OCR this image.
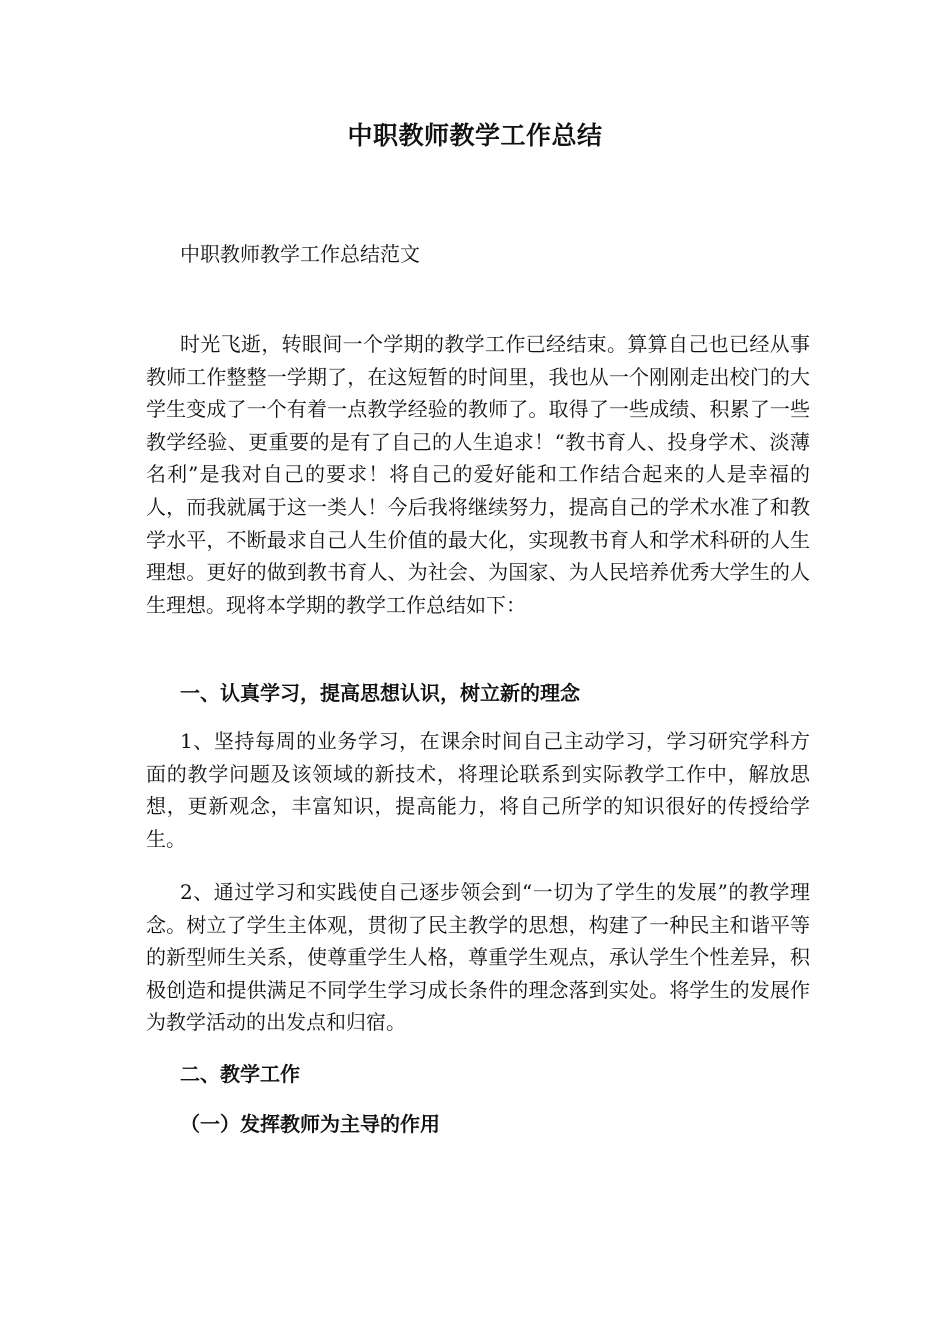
中职教师教学工作总结
中职教师教学工作总结范文

时光飞逝，转眼间一个学期的教学工作已经结束。算算自己也已经从事教师工作整整一学期了，在这短暂的时间里，我也从一个刚刚走出校门的大学生变成了一个有着一点教学经验的教师了。取得了一些成绩、积累了一些教学经验、更重要的是有了自己的人生追求！“教书育人、投身学术、淡薄名利”是我对自己的要求！将自己的爱好能和工作结合起来的人是幸福的人，而我就属于这一类人！今后我将继续努力，提高自己的学术水准了和教学水平，不断最求自己人生价值的最大化，实现教书育人和学术科研的人生理想。更好的做到教书育人、为社会、为国家、为人民培养优秀大学生的人生理想。现将本学期的教学工作总结如下：

一、认真学习，提高思想认识，树立新的理念

1、坚持每周的业务学习，在课余时间自己主动学习，学习研究学科方面的教学问题及该领域的新技术，将理论联系到实际教学工作中，解放思想，更新观念，丰富知识，提高能力，将自己所学的知识很好的传授给学生。

2、通过学习和实践使自己逐步领会到“一切为了学生的发展”的教学理念。树立了学生主体观，贯彻了民主教学的思想，构建了一种民主和谐平等的新型师生关系，使尊重学生人格，尊重学生观点，承认学生个性差异，积极创造和提供满足不同学生学习成长条件的理念落到实处。将学生的发展作为教学活动的出发点和归宿。

二、教学工作
（一）发挥教师为主导的作用
